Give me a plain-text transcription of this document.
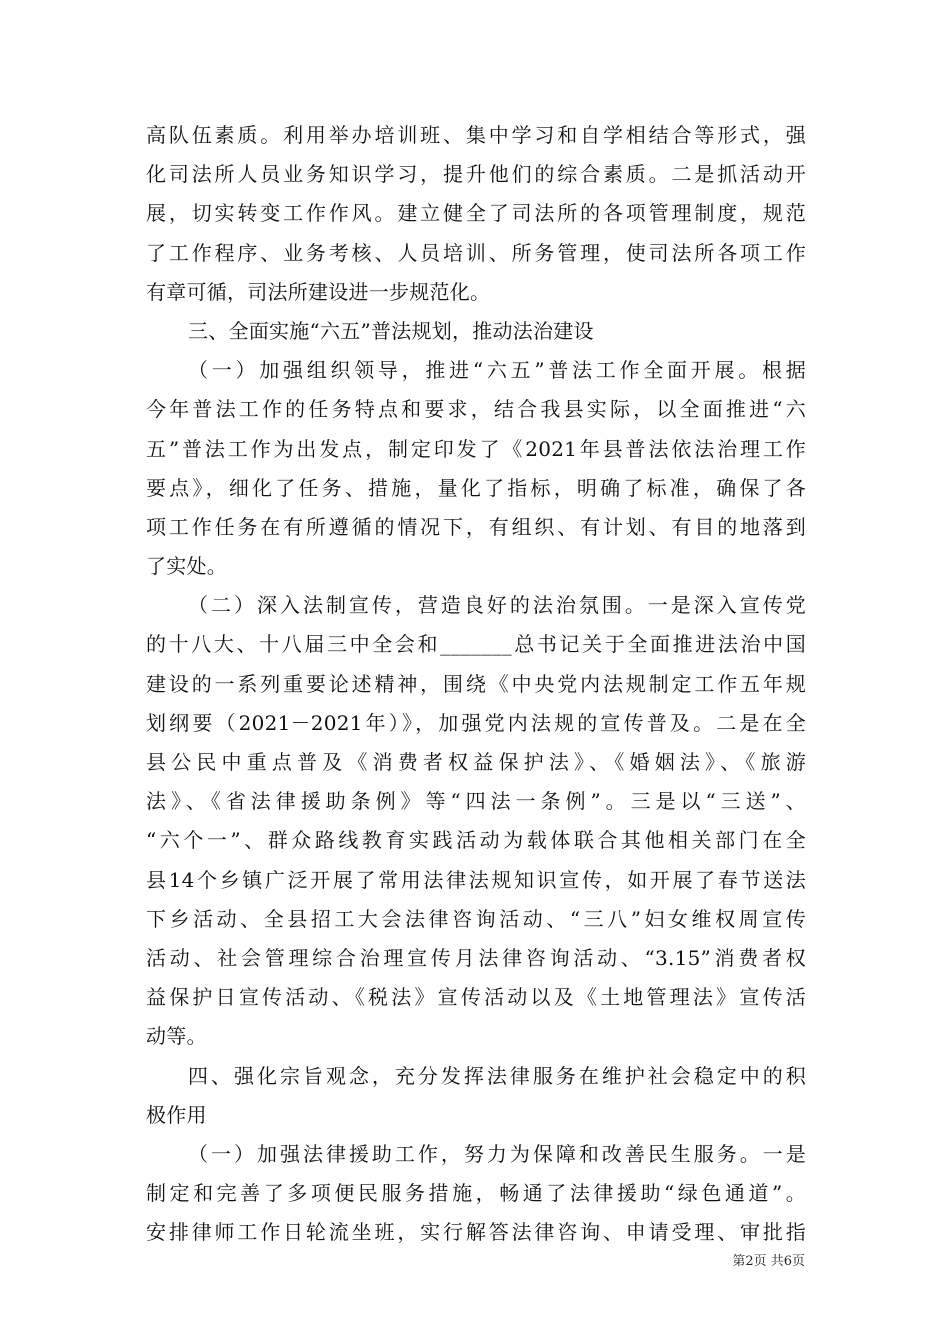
高队伍素质。利用举办培训班、集中学习和自学相结合等形式，强
化司法所人员业务知识学习，提升他们的综合素质。二是抓活动开
展，切实转变工作作风。建立健全了司法所的各项管理制度，规范
了工作程序、业务考核、人员培训、所务管理，使司法所各项工作
有章可循，司法所建设进一步规范化。
三、全面实施“六五”普法规划，推动法治建设
（一）加强组织领导，推进“六五”普法工作全面开展。根据
今年普法工作的任务特点和要求，结合我县实际，以全面推进“六
五”普法工作为出发点，制定印发了《2021年县普法依法治理工作
要点》，细化了任务、措施，量化了指标，明确了标准，确保了各
项工作任务在有所遵循的情况下，有组织、有计划、有目的地落到
了实处。
（二）深入法制宣传，营造良好的法治氛围。一是深入宣传党
的十八大、十八届三中全会和_______总书记关于全面推进法治中国
建设的一系列重要论述精神，围绕《中央党内法规制定工作五年规
划纲要（2021－2021年）》，加强党内法规的宣传普及。二是在全
县公民中重点普及《消费者权益保护法》、《婚姻法》、《旅游
法》、《省法律援助条例》等“四法一条例”。三是以“三送”、
“六个一”、群众路线教育实践活动为载体联合其他相关部门在全
县14个乡镇广泛开展了常用法律法规知识宣传，如开展了春节送法
下乡活动、全县招工大会法律咨询活动、“三八”妇女维权周宣传
活动、社会管理综合治理宣传月法律咨询活动、“3.15”消费者权
益保护日宣传活动、《税法》宣传活动以及《土地管理法》宣传活
动等。
四、强化宗旨观念，充分发挥法律服务在维护社会稳定中的积
极作用
（一）加强法律援助工作，努力为保障和改善民生服务。一是
制定和完善了多项便民服务措施，畅通了法律援助“绿色通道”。
安排律师工作日轮流坐班，实行解答法律咨询、申请受理、审批指
第2页 共6页
